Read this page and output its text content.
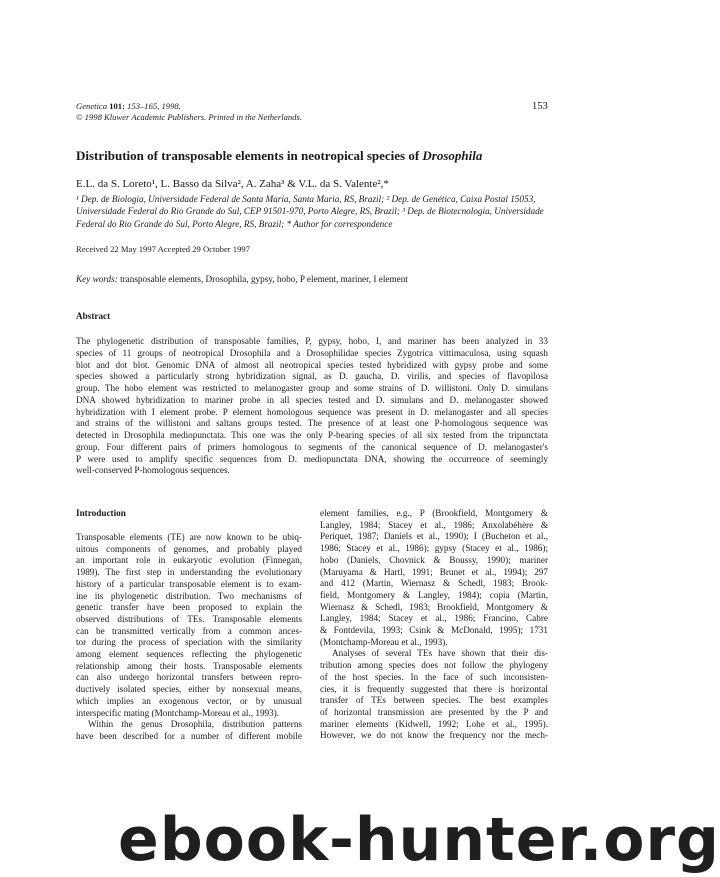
Genetica 101: 153–165, 1998.
© 1998 Kluwer Academic Publishers. Printed in the Netherlands.
153
Distribution of transposable elements in neotropical species of Drosophila
E.L. da S. Loreto¹, L. Basso da Silva², A. Zaha³ & V.L. da S. Valente²,*
¹ Dep. de Biologia, Universidade Federal de Santa Maria, Santa Maria, RS, Brazil; ² Dep. de Genética, Caixa Postal 15053, Universidade Federal do Rio Grande do Sul, CEP 91501-970, Porto Alegre, RS, Brazil; ³ Dep. de Biotecnologia, Universidade Federal do Rio Grande do Sul, Porto Alegre, RS, Brazil; * Author for correspondence
Received 22 May 1997 Accepted 29 October 1997
Key words: transposable elements, Drosophila, gypsy, hobo, P element, mariner, I element
Abstract
The phylogenetic distribution of transposable families, P, gypsy, hobo, I, and mariner has been analyzed in 33
species of 11 groups of neotropical Drosophila and a Drosophilidae species Zygotrica vittimaculosa, using squash
blot and dot blot. Genomic DNA of almost all neotropical species tested hybridized with gypsy probe and some
species showed a particularly strong hybridization signal, as D. gaucha, D. virilis, and species of flavopilosa
group. The hobo element was restricted to melanogaster group and some strains of D. willistoni. Only D. simulans
DNA showed hybridization to mariner probe in all species tested and D. simulans and D. melanogaster showed
hybridization with I element probe. P element homologous sequence was present in D. melanogaster and all species
and strains of the willistoni and saltans groups tested. The presence of at least one P-homologous sequence was
detected in Drosophila mediopunctata. This one was the only P-bearing species of all six tested from the tripunctata
group. Four different pairs of primers homologous to segments of the canonical sequence of D. melanogaster's
P were used to amplify specific sequences from D. mediopunctata DNA, showing the occurrence of seemingly
well-conserved P-homologous sequences.
Introduction
Transposable elements (TE) are now known to be ubiq-
uitous components of genomes, and probably played
an important role in eukaryotic evolution (Finnegan,
1989). The first step in understanding the evolutionary
history of a particular transposable element is to exam-
ine its phylogenetic distribution. Two mechanisms of
genetic transfer have been proposed to explain the
observed distributions of TEs. Transposable elements
can be transmitted vertically from a common ances-
tor during the process of speciation with the similarity
among element sequences reflecting the phylogenetic
relationship among their hosts. Transposable elements
can also undergo horizontal transfers between repro-
ductively isolated species, either by nonsexual means,
which implies an exogenous vector, or by unusual
interspecific mating (Montchamp-Moreau et al., 1993).
Within the genus Drosophila, distribution patterns
have been described for a number of different mobile
element families, e.g., P (Brookfield, Montgomery &
Langley, 1984; Stacey et al., 1986; Anxolabéhère &
Periquet, 1987; Daniels et al., 1990); I (Bucheton et al.,
1986; Stacey et al., 1986); gypsy (Stacey et al., 1986);
hobo (Daniels, Chovnick & Boussy, 1990); mariner
(Maruyama & Hartl, 1991; Brunet et al., 1994); 297
and 412 (Martin, Wiernasz & Schedl, 1983; Brook-
field, Montgomery & Langley, 1984); copia (Martin,
Wiernasz & Schedl, 1983; Brookfield, Montgomery &
Langley, 1984; Stacey et al., 1986; Francino, Cabre
& Fontdevila, 1993; Csink & McDonald, 1995); 1731
(Montchamp-Moreau et al., 1993).
Analyses of several TEs have shown that their dis-
tribution among species does not follow the phylogeny
of the host species. In the face of such inconsisten-
cies, it is frequently suggested that there is horizontal
transfer of TEs between species. The best examples
of horizontal transmission are presented by the P and
mariner elements (Kidwell, 1992; Lohe et al., 1995).
However, we do not know the frequency nor the mech-
ebook-hunter.org
